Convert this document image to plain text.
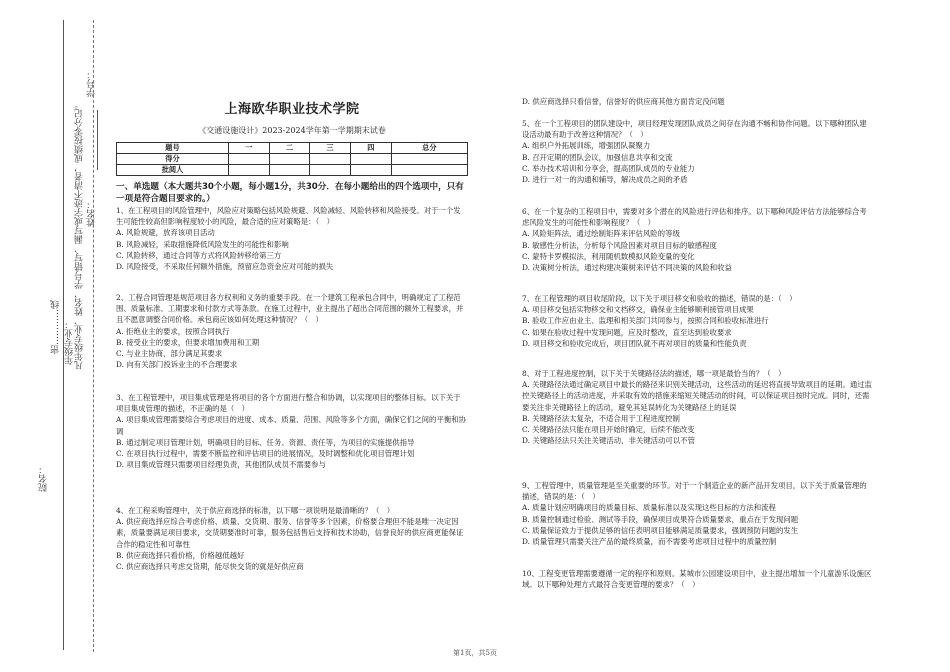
学号：
姓名：
凡年级专业、姓名、学号错写、漏写或字迹不清者，成绩按零分记。
年级专业：
密…………线
院名：
上海欧华职业技术学院
《交通设施设计》2023-2024学年第一学期期末试卷
题号	一	二	三	四	总分
得分					
批阅人					
一、单选题（本大题共30个小题，每小题1分，共30分．在每小题给出的四个选项中，只有一项是符合题目要求的。）

1、在工程项目的风险管理中，风险应对策略包括风险规避、风险减轻、风险转移和风险接受。对于一个发生可能性较高但影响程度较小的风险，最合适的应对策略是：（　）

A. 风险规避，放弃该项目活动

B. 风险减轻，采取措施降低风险发生的可能性和影响

C. 风险转移，通过合同等方式将风险转移给第三方

D. 风险接受，不采取任何额外措施，预留应急资金应对可能的损失

2、工程合同管理是规范项目各方权利和义务的重要手段。在一个建筑工程承包合同中，明确规定了工程范围、质量标准、工期要求和付款方式等条款。在施工过程中，业主提出了超出合同范围的额外工程要求，并且不愿意调整合同价格。承包商应该如何处理这种情况？（　）

A. 拒绝业主的要求，按照合同执行

B. 接受业主的要求，但要求增加费用和工期

C. 与业主协商，部分满足其要求

D. 向有关部门投诉业主的不合理要求

3、在工程管理中，项目集成管理是将项目的各个方面进行整合和协调，以实现项目的整体目标。以下关于项目集成管理的描述，不正确的是（　）

A. 项目集成管理需要综合考虑项目的进度、成本、质量、范围、风险等多个方面，确保它们之间的平衡和协调

B. 通过制定项目管理计划，明确项目的目标、任务、资源、责任等，为项目的实施提供指导

C. 在项目执行过程中，需要不断监控和评估项目的进展情况，及时调整和优化项目管理计划

D. 项目集成管理只需要项目经理负责，其他团队成员不需要参与

4、在工程采购管理中，关于供应商选择的标准，以下哪一项说明是最清晰的？（　）

A. 供应商选择应综合考虑价格、质量、交货期、服务、信誉等多个因素，价格要合理但不能是唯一决定因素，质量要满足项目要求，交货期要准时可靠，服务包括售后支持和技术协助，信誉良好的供应商更能保证合作的稳定性和可靠性

B. 供应商选择只看价格，价格越低越好

C. 供应商选择只考虑交货期，能尽快交货的就是好供应商

D. 供应商选择只看信誉，信誉好的供应商其他方面肯定没问题

5、在一个工程项目的团队建设中，项目经理发现团队成员之间存在沟通不畅和协作问题。以下哪种团队建设活动最有助于改善这种情况？（　）

A. 组织户外拓展训练，增强团队凝聚力

B. 召开定期的团队会议，加强信息共享和交流

C. 举办技术培训和分享会，提高团队成员的专业能力

D. 进行一对一的沟通和辅导，解决成员之间的矛盾

6、在一个复杂的工程项目中，需要对多个潜在的风险进行评估和排序。以下哪种风险评估方法能够综合考虑风险发生的可能性和影响程度？（　）

A. 风险矩阵法，通过绘制矩阵来评估风险的等级

B. 敏感性分析法，分析每个风险因素对项目目标的敏感程度

C. 蒙特卡罗模拟法，利用随机数模拟风险变量的变化

D. 决策树分析法，通过构建决策树来评估不同决策的风险和收益

7、在工程管理的项目收尾阶段，以下关于项目移交和验收的描述，错误的是：（　）

A. 项目移交包括实物移交和文档移交，确保业主能够顺利接管项目成果

B. 验收工作应由业主、监理和相关部门共同参与，按照合同和验收标准进行

C. 如果在验收过程中发现问题，应及时整改，直至达到验收要求

D. 项目移交和验收完成后，项目团队就不再对项目的质量和性能负责

8、对于工程进度控制，以下关于关键路径法的描述，哪一项是最恰当的？（　）

A. 关键路径法通过确定项目中最长的路径来识别关键活动，这些活动的延迟将直接导致项目的延期。通过监控关键路径上的活动进度，并采取有效的措施来缩短关键活动的时间，可以保证项目按时完成。同时，还需要关注非关键路径上的活动，避免其延误转化为关键路径上的延误

B. 关键路径法太复杂，不适合用于工程进度控制

C. 关键路径法只能在项目开始时确定，后续不能改变

D. 关键路径法只关注关键活动，非关键活动可以不管

9、工程管理中，质量管理是至关重要的环节。对于一个制造企业的新产品开发项目，以下关于质量管理的描述，错误的是：（　）

A. 质量计划应明确项目的质量目标、质量标准以及实现这些目标的方法和流程

B. 质量控制通过检验、测试等手段，确保项目成果符合质量要求，重点在于发现问题

C. 质量保证致力于提供足够的信任表明项目能够满足质量要求，强调预防问题的发生

D. 质量管理只需要关注产品的最终质量，而不需要考虑项目过程中的质量控制

10、工程变更管理需要遵循一定的程序和原则。某城市公园建设项目中，业主提出增加一个儿童游乐设施区域。以下哪种处理方式最符合变更管理的要求？（　）

第1页，共5页
